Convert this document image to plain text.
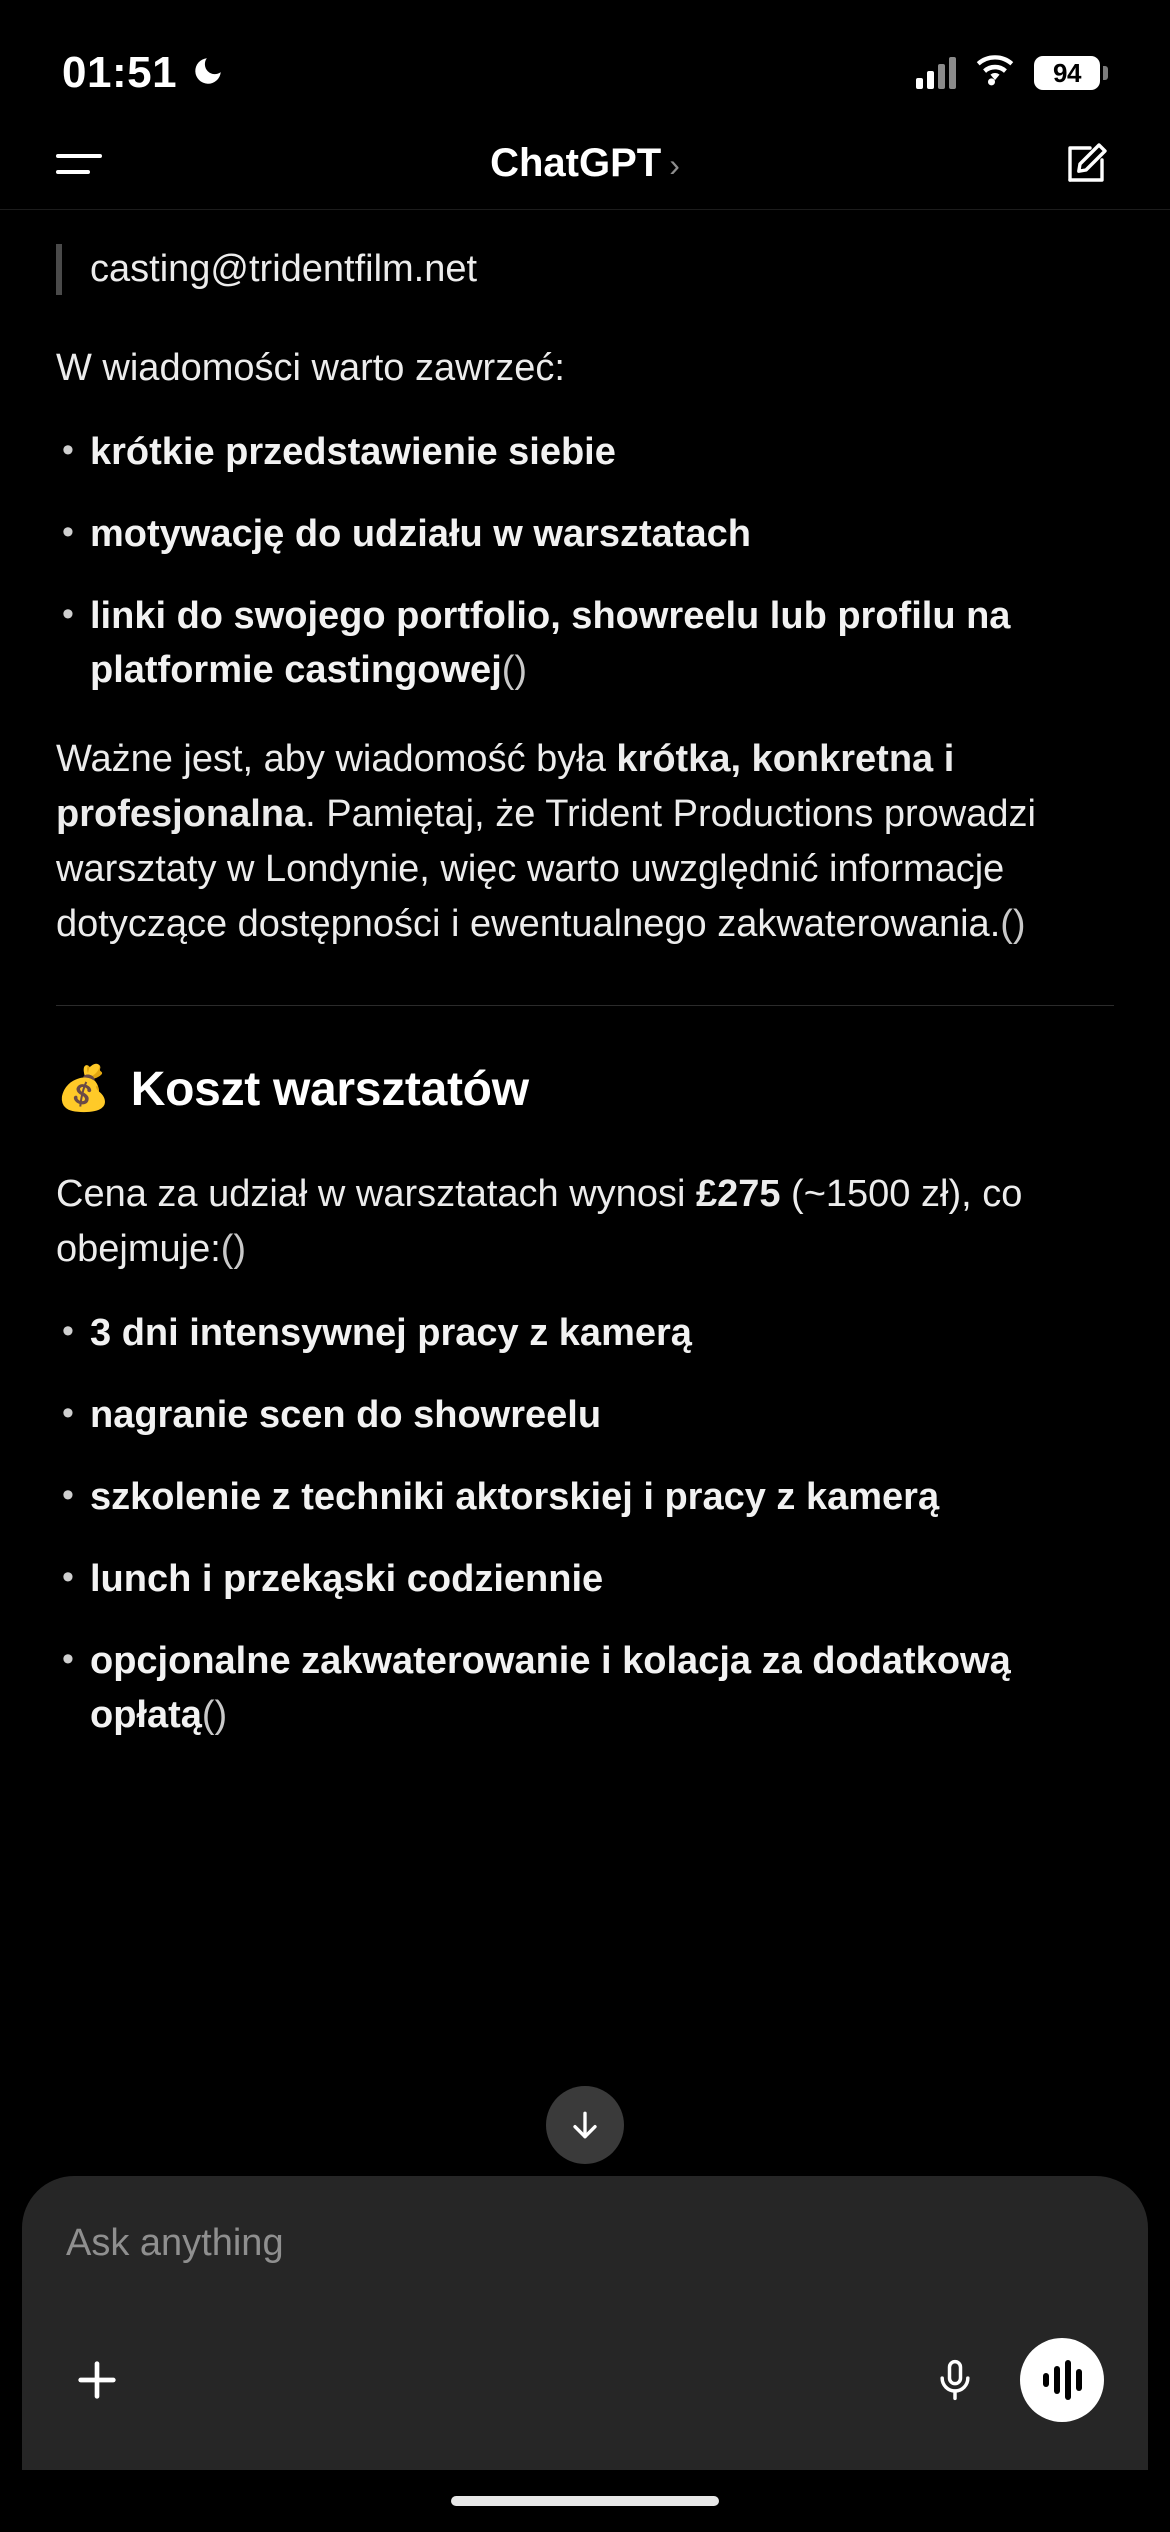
01:51	94
ChatGPT ›
casting@tridentfilm.net

W wiadomości warto zawrzeć:

• krótkie przedstawienie siebie
• motywację do udziału w warsztatach
• linki do swojego portfolio, showreelu lub profilu na platformie castingowej()

Ważne jest, aby wiadomość była krótka, konkretna i profesjonalna. Pamiętaj, że Trident Productions prowadzi warsztaty w Londynie, więc warto uwzględnić informacje dotyczące dostępności i ewentualnego zakwaterowania.()

💰 Koszt warsztatów

Cena za udział w warsztatach wynosi £275 (~1500 zł), co obejmuje:()

• 3 dni intensywnej pracy z kamerą
• nagranie scen do showreelu
• szkolenie z techniki aktorskiej i pracy z kamerą
• lunch i przekąski codziennie
• opcjonalne zakwaterowanie i kolacja za dodatkową opłatą()
Ask anything
